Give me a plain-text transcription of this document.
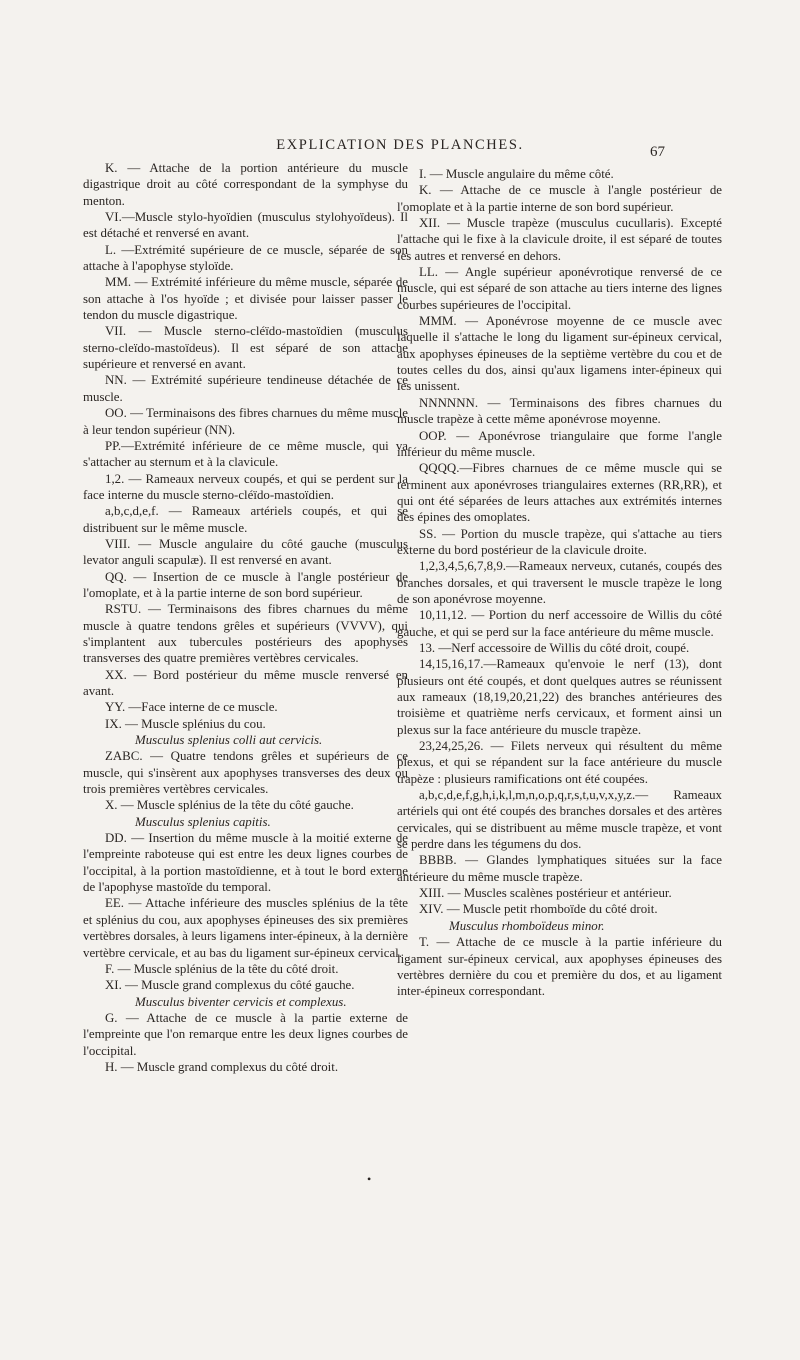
EXPLICATION DES PLANCHES.	67

K. — Attache de la portion antérieure du muscle digastrique droit au côté correspondant de la symphyse du menton.

VI.—Muscle stylo-hyoïdien (musculus stylohyoïdeus). Il est détaché et renversé en avant.

L. —Extrémité supérieure de ce muscle, séparée de son attache à l'apophyse styloïde.

MM. — Extrémité inférieure du même muscle, séparée de son attache à l'os hyoïde ; et divisée pour laisser passer le tendon du muscle digastrique.

VII. — Muscle sterno-cléïdo-mastoïdien (musculus sterno-cleïdo-mastoïdeus). Il est séparé de son attache supérieure et renversé en avant.

NN. — Extrémité supérieure tendineuse détachée de ce muscle.

OO. — Terminaisons des fibres charnues du même muscle à leur tendon supérieur (NN).

PP.—Extrémité inférieure de ce même muscle, qui va s'attacher au sternum et à la clavicule.

1,2. — Rameaux nerveux coupés, et qui se perdent sur la face interne du muscle sterno-cléïdo-mastoïdien.

a,b,c,d,e,f. — Rameaux artériels coupés, et qui se distribuent sur le même muscle.

VIII. — Muscle angulaire du côté gauche (musculus levator anguli scapulæ). Il est renversé en avant.

QQ. — Insertion de ce muscle à l'angle postérieur de l'omoplate, et à la partie interne de son bord supérieur.

RSTU. — Terminaisons des fibres charnues du même muscle à quatre tendons grêles et supérieurs (VVVV), qui s'implantent aux tubercules postérieurs des apophyses transverses des quatre premières vertèbres cervicales.

XX. — Bord postérieur du même muscle renversé en avant.

YY. —Face interne de ce muscle.

IX. — Muscle splénius du cou.

Musculus splenius colli aut cervicis.

ZABC. — Quatre tendons grêles et supérieurs de ce muscle, qui s'insèrent aux apophyses transverses des deux ou trois premières vertèbres cervicales.

X. — Muscle splénius de la tête du côté gauche.

Musculus splenius capitis.

DD. — Insertion du même muscle à la moitié externe de l'empreinte raboteuse qui est entre les deux lignes courbes de l'occipital, à la portion mastoïdienne, et à tout le bord externe de l'apophyse mastoïde du temporal.

EE. — Attache inférieure des muscles splénius de la tête et splénius du cou, aux apophyses épineuses des six premières vertèbres dorsales, à leurs ligamens inter-épineux, à la dernière vertèbre cervicale, et au bas du ligament sur-épineux cervical.

F. — Muscle splénius de la tête du côté droit.

XI. — Muscle grand complexus du côté gauche.

Musculus biventer cervicis et complexus.

G. — Attache de ce muscle à la partie externe de l'empreinte que l'on remarque entre les deux lignes courbes de l'occipital.

H. — Muscle grand complexus du côté droit.

I. — Muscle angulaire du même côté.

K. — Attache de ce muscle à l'angle postérieur de l'omoplate et à la partie interne de son bord supérieur.

XII. — Muscle trapèze (musculus cucullaris). Excepté l'attache qui le fixe à la clavicule droite, il est séparé de toutes les autres et renversé en dehors.

LL. — Angle supérieur aponévrotique renversé de ce muscle, qui est séparé de son attache au tiers interne des lignes courbes supérieures de l'occipital.

MMM. — Aponévrose moyenne de ce muscle avec laquelle il s'attache le long du ligament sur-épineux cervical, aux apophyses épineuses de la septième vertèbre du cou et de toutes celles du dos, ainsi qu'aux ligamens inter-épineux qui les unissent.

NNNNNN. — Terminaisons des fibres charnues du muscle trapèze à cette même aponévrose moyenne.

OOP. — Aponévrose triangulaire que forme l'angle inférieur du même muscle.

QQQQ.—Fibres charnues de ce même muscle qui se terminent aux aponévroses triangulaires externes (RR,RR), et qui ont été séparées de leurs attaches aux extrémités internes des épines des omoplates.

SS. — Portion du muscle trapèze, qui s'attache au tiers externe du bord postérieur de la clavicule droite.

1,2,3,4,5,6,7,8,9.—Rameaux nerveux, cutanés, coupés des branches dorsales, et qui traversent le muscle trapèze le long de son aponévrose moyenne.

10,11,12. — Portion du nerf accessoire de Willis du côté gauche, et qui se perd sur la face antérieure du même muscle.

13. —Nerf accessoire de Willis du côté droit, coupé.

14,15,16,17.—Rameaux qu'envoie le nerf (13), dont plusieurs ont été coupés, et dont quelques autres se réunissent aux rameaux (18,19,20,21,22) des branches antérieures des troisième et quatrième nerfs cervicaux, et forment ainsi un plexus sur la face antérieure du muscle trapèze.

23,24,25,26. — Filets nerveux qui résultent du même plexus, et qui se répandent sur la face antérieure du muscle trapèze : plusieurs ramifications ont été coupées.

a,b,c,d,e,f,g,h,i,k,l,m,n,o,p,q,r,s,t,u,v,x,y,z.— Rameaux artériels qui ont été coupés des branches dorsales et des artères cervicales, qui se distribuent au même muscle trapèze, et vont se perdre dans les tégumens du dos.

BBBB. — Glandes lymphatiques situées sur la face antérieure du même muscle trapèze.

XIII. — Muscles scalènes postérieur et antérieur.

XIV. — Muscle petit rhomboïde du côté droit.

Musculus rhomboïdeus minor.

T. — Attache de ce muscle à la partie inférieure du ligament sur-épineux cervical, aux apophyses épineuses des vertèbres dernière du cou et première du dos, et au ligament inter-épineux correspondant.

•
